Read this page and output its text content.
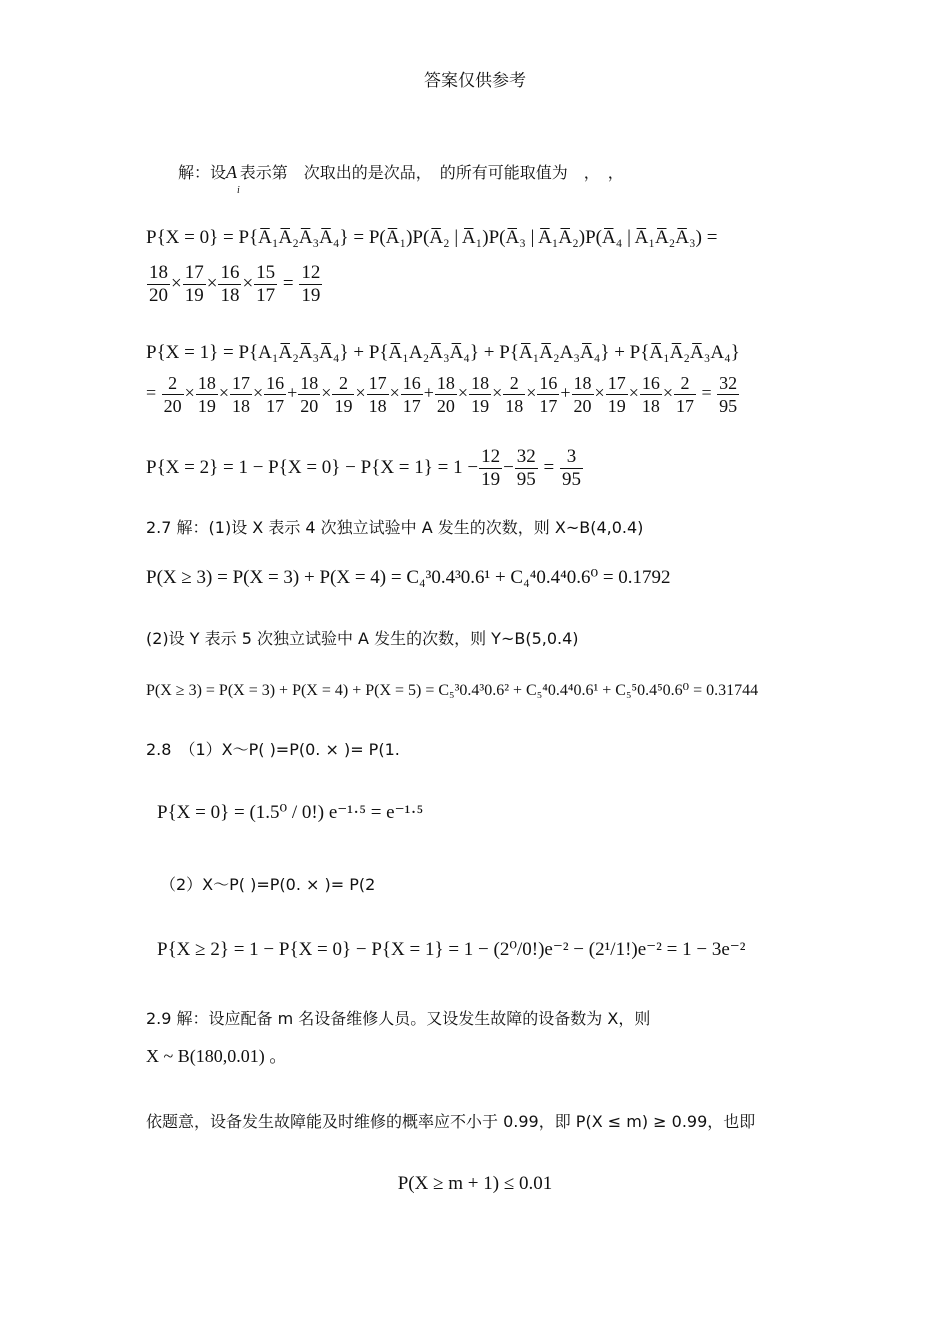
答案仅供参考
解：设$A_i$表示第　次取出的是次品，　的所有可能取值为　，　，
P{X = 0} = P{A̅₁A̅₂A̅₃A̅₄} = P(A̅₁)P(A̅₂ | A̅₁)P(A̅₃ | A̅₁A̅₂)P(A̅₄ | A̅₁A̅₂A̅₃) =
$\frac{18}{20} \times \frac{17}{19} \times \frac{16}{18} \times \frac{15}{17} = \frac{12}{19}$
P{X = 1} = P{A₁A̅₂A̅₃A̅₄} + P{A̅₁A₂A̅₃A̅₄} + P{A̅₁A̅₂A₃A̅₄} + P{A̅₁A̅₂A̅₃A₄}
= $\frac{2}{20} \times \frac{18}{19} \times \frac{17}{18} \times \frac{16}{17} + \frac{18}{20} \times \frac{2}{19} \times \frac{17}{18} \times \frac{16}{17} + \frac{18}{20} \times \frac{18}{19} \times \frac{2}{18} \times \frac{16}{17} + \frac{18}{20} \times \frac{17}{19} \times \frac{16}{18} \times \frac{2}{17} = \frac{32}{95}$
$P\{X = 2\} = 1 - P\{X = 0\} - P\{X = 1\} = 1 - \frac{12}{19} - \frac{32}{95} = \frac{3}{95}$
2.7 解：(1)设 X 表示 4 次独立试验中 A 发生的次数，则 X~B(4,0.4)
P(X ≥ 3) = P(X = 3) + P(X = 4) = C₄³0.4³0.6¹ + C₄⁴0.4⁴0.6⁰ = 0.1792
(2)设 Y 表示 5 次独立试验中 A 发生的次数，则 Y~B(5,0.4)
P(X ≥ 3) = P(X = 3) + P(X = 4) + P(X = 5) = C₅³0.4³0.6² + C₅⁴0.4⁴0.6¹ + C₅⁵0.4⁵0.6⁰ = 0.31744
2.8　（1）X～P( )=P(0. × )= P(1.
P{X = 0} = (1.5⁰ / 0!) e⁻¹·⁵ = e⁻¹·⁵
（2）X～P( )=P(0. × )= P(2
P{X ≥ 2} = 1 − P{X = 0} − P{X = 1} = 1 − (2⁰/0!)e⁻² − (2¹/1!)e⁻² = 1 − 3e⁻²
2.9 解：设应配备 m 名设备维修人员。又设发生故障的设备数为 X，则
X ~ B(180,0.01) 。
依题意，设备发生故障能及时维修的概率应不小于 0.99，即 P(X ≤ m) ≥ 0.99，也即
P(X ≥ m + 1) ≤ 0.01
